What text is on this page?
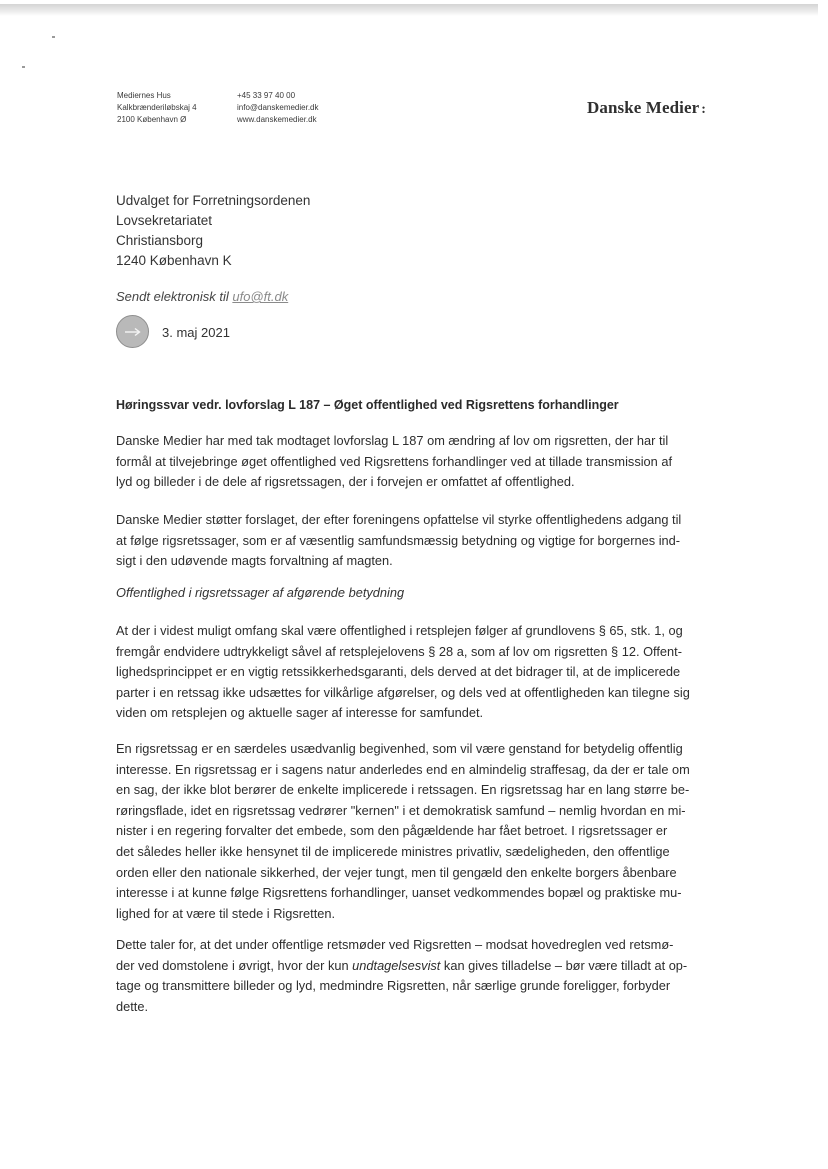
Mediernes Hus
Kalkbrænderiløbskaj 4
2100 København Ø
+45 33 97 40 00
info@danskemedier.dk
www.danskemedier.dk
Danske Medier :
Udvalget for Forretningsordenen
Lovsekretariatet
Christiansborg
1240 København K
Sendt elektronisk til ufo@ft.dk
3. maj 2021
Høringssvar vedr. lovforslag L 187 – Øget offentlighed ved Rigsrettens forhandlinger
Danske Medier har med tak modtaget lovforslag L 187 om ændring af lov om rigsretten, der har til
formål at tilvejebringe øget offentlighed ved Rigsrettens forhandlinger ved at tillade transmission af
lyd og billeder i de dele af rigsretssagen, der i forvejen er omfattet af offentlighed.
Danske Medier støtter forslaget, der efter foreningens opfattelse vil styrke offentlighedens adgang til
at følge rigsretssager, som er af væsentlig samfundsmæssig betydning og vigtige for borgernes ind-
sigt i den udøvende magts forvaltning af magten.
Offentlighed i rigsretssager af afgørende betydning
At der i videst muligt omfang skal være offentlighed i retsplejen følger af grundlovens § 65, stk. 1, og
fremgår endvidere udtrykkeligt såvel af retsplejelovens § 28 a, som af lov om rigsretten § 12. Offent-
lighedsprincippet er en vigtig retssikkerhedsgaranti, dels derved at det bidrager til, at de implicerede
parter i en retssag ikke udsættes for vilkårlige afgørelser, og dels ved at offentligheden kan tilegne sig
viden om retsplejen og aktuelle sager af interesse for samfundet.
En rigsretssag er en særdeles usædvanlig begivenhed, som vil være genstand for betydelig offentlig
interesse. En rigsretssag er i sagens natur anderledes end en almindelig straffesag, da der er tale om
en sag, der ikke blot berører de enkelte implicerede i retssagen. En rigsretssag har en lang større be-
røringsflade, idet en rigsretssag vedrører "kernen" i et demokratisk samfund – nemlig hvordan en mi-
nister i en regering forvalter det embede, som den pågældende har fået betroet. I rigsretssager er
det således heller ikke hensynet til de implicerede ministres privatliv, sædeligheden, den offentlige
orden eller den nationale sikkerhed, der vejer tungt, men til gengæld den enkelte borgers åbenbare
interesse i at kunne følge Rigsrettens forhandlinger, uanset vedkommendes bopæl og praktiske mu-
lighed for at være til stede i Rigsretten.
Dette taler for, at det under offentlige retsmøder ved Rigsretten – modsat hovedreglen ved retsmø-
der ved domstolene i øvrigt, hvor der kun undtagelsesvist kan gives tilladelse – bør være tilladt at op-
tage og transmittere billeder og lyd, medmindre Rigsretten, når særlige grunde foreligger, forbyder
dette.
